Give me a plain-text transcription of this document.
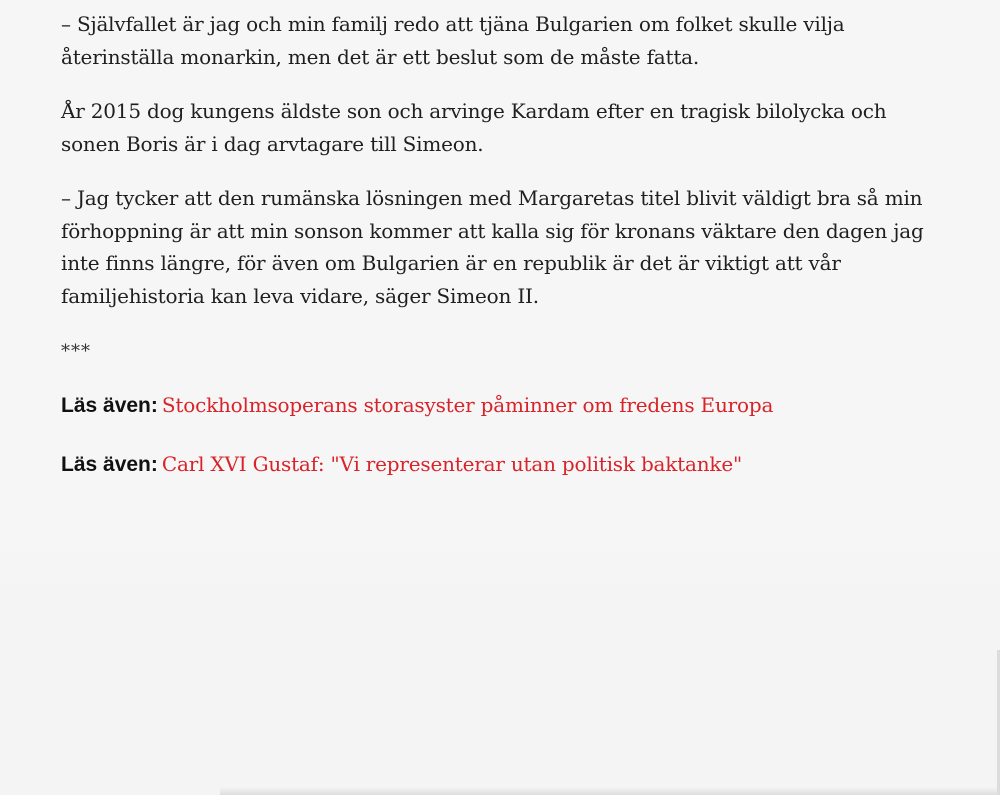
– Självfallet är jag och min familj redo att tjäna Bulgarien om folket skulle vilja återinställa monarkin, men det är ett beslut som de måste fatta.

År 2015 dog kungens äldste son och arvinge Kardam efter en tragisk bilolycka och sonen Boris är i dag arvtagare till Simeon.

– Jag tycker att den rumänska lösningen med Margaretas titel blivit väldigt bra så min förhoppning är att min sonson kommer att kalla sig för kronans väktare den dagen jag inte finns längre, för även om Bulgarien är en republik är det är viktigt att vår familjehistoria kan leva vidare, säger Simeon II.

***
Läs även: Stockholmsoperans storasyster påminner om fredens Europa
Läs även: Carl XVI Gustaf: "Vi representerar utan politisk baktanke"
